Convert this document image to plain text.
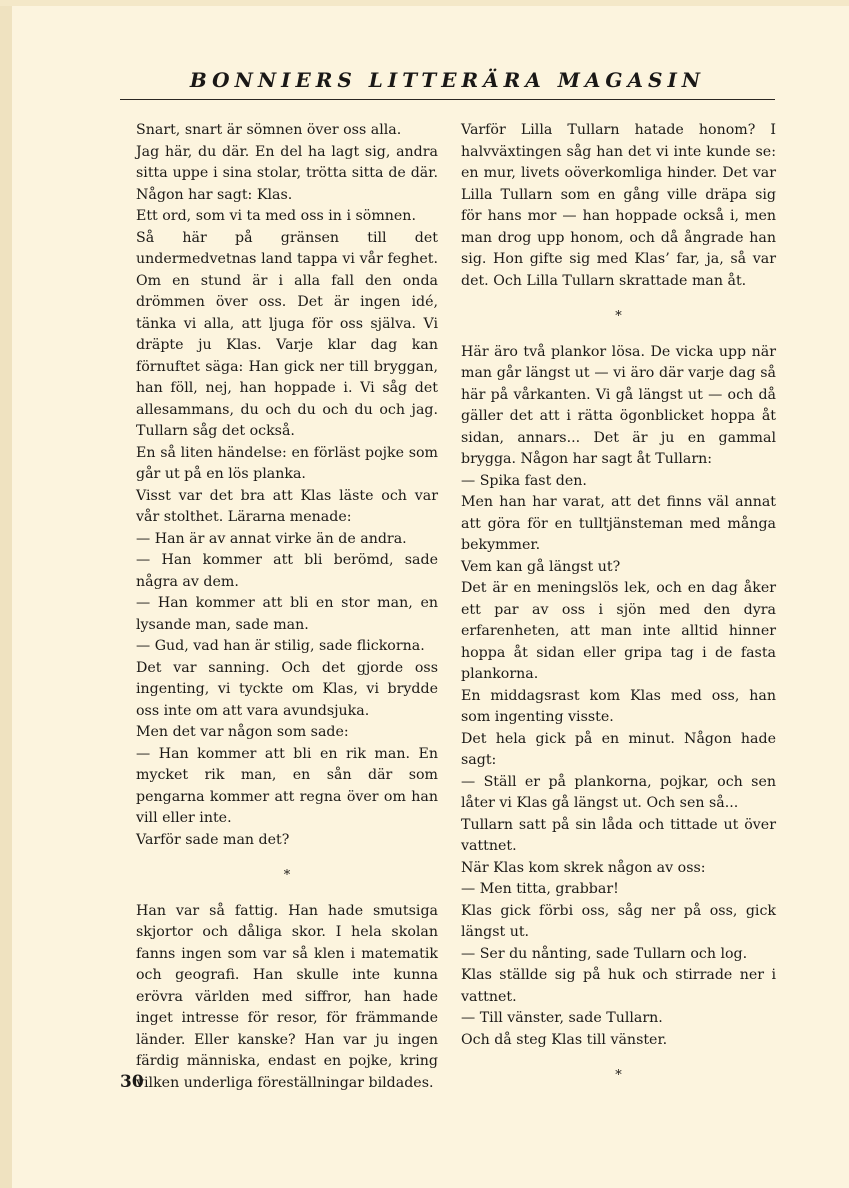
BONNIERS LITTERÄRA MAGASIN

Snart, snart är sömnen över oss alla.

Jag här, du där. En del ha lagt sig, andra sitta uppe i sina stolar, trötta sitta de där. Någon har sagt: Klas.

Ett ord, som vi ta med oss in i sömnen.

Så här på gränsen till det undermedvetnas land tappa vi vår feghet. Om en stund är i alla fall den onda drömmen över oss. Det är ingen idé, tänka vi alla, att ljuga för oss själva. Vi dräpte ju Klas. Varje klar dag kan förnuftet säga: Han gick ner till bryggan, han föll, nej, han hoppade i. Vi såg det allesammans, du och du och du och jag. Tullarn såg det också.

En så liten händelse: en förläst pojke som går ut på en lös planka.

Visst var det bra att Klas läste och var vår stolthet. Lärarna menade:

— Han är av annat virke än de andra.

— Han kommer att bli berömd, sade några av dem.

— Han kommer att bli en stor man, en lysande man, sade man.

— Gud, vad han är stilig, sade flickorna.

Det var sanning. Och det gjorde oss ingenting, vi tyckte om Klas, vi brydde oss inte om att vara avundsjuka.

Men det var någon som sade:

— Han kommer att bli en rik man. En mycket rik man, en sån där som pengarna kommer att regna över om han vill eller inte.

Varför sade man det?

*

Han var så fattig. Han hade smutsiga skjortor och dåliga skor. I hela skolan fanns ingen som var så klen i matematik och geografi. Han skulle inte kunna erövra världen med siffror, han hade inget intresse för resor, för främmande länder. Eller kanske? Han var ju ingen färdig människa, endast en pojke, kring vilken underliga föreställningar bildades.

Varför Lilla Tullarn hatade honom? I halvväxtingen såg han det vi inte kunde se: en mur, livets oöverkomliga hinder. Det var Lilla Tullarn som en gång ville dräpa sig för hans mor — han hoppade också i, men man drog upp honom, och då ångrade han sig. Hon gifte sig med Klas’ far, ja, så var det. Och Lilla Tullarn skrattade man åt.

*

Här äro två plankor lösa. De vicka upp när man går längst ut — vi äro där varje dag så här på vårkanten. Vi gå längst ut — och då gäller det att i rätta ögonblicket hoppa åt sidan, annars... Det är ju en gammal brygga. Någon har sagt åt Tullarn:

— Spika fast den.

Men han har varat, att det finns väl annat att göra för en tulltjänsteman med många bekymmer.

Vem kan gå längst ut?

Det är en meningslös lek, och en dag åker ett par av oss i sjön med den dyra erfarenheten, att man inte alltid hinner hoppa åt sidan eller gripa tag i de fasta plankorna.

En middagsrast kom Klas med oss, han som ingenting visste.

Det hela gick på en minut. Någon hade sagt:

— Ställ er på plankorna, pojkar, och sen låter vi Klas gå längst ut. Och sen så...

Tullarn satt på sin låda och tittade ut över vattnet.

När Klas kom skrek någon av oss:

— Men titta, grabbar!

Klas gick förbi oss, såg ner på oss, gick längst ut.

— Ser du nånting, sade Tullarn och log.

Klas ställde sig på huk och stirrade ner i vattnet.

— Till vänster, sade Tullarn.

Och då steg Klas till vänster.

*
30
